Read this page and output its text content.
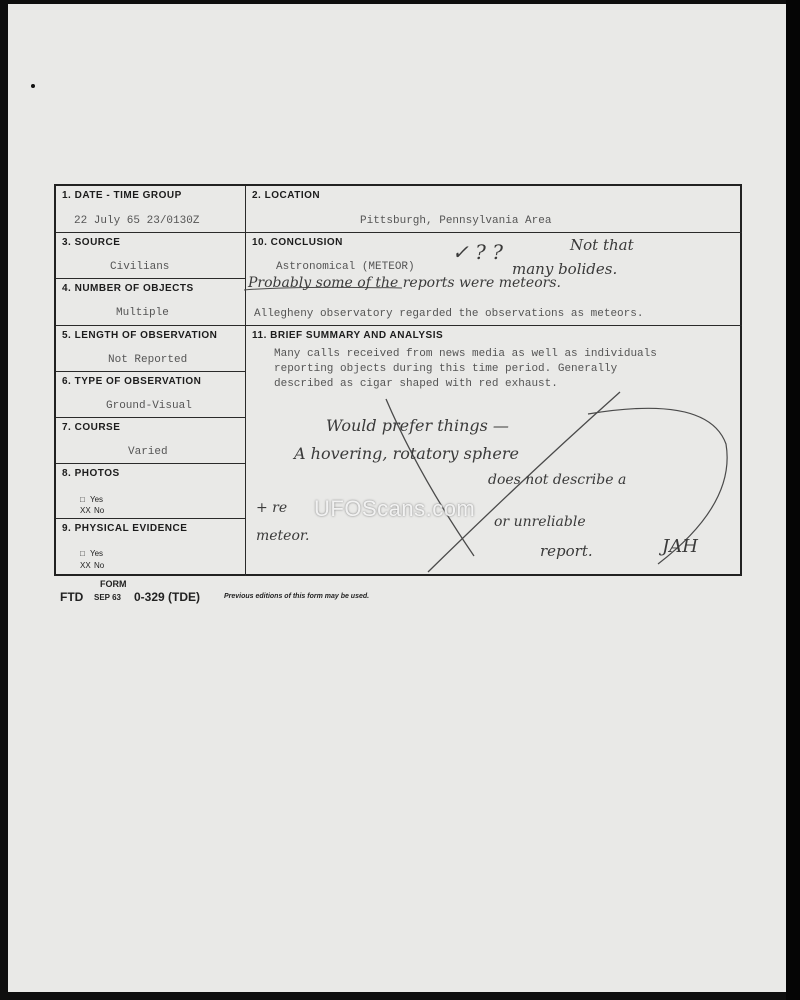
1. DATE - TIME GROUP
22 July 65 23/0130Z
2. LOCATION
Pittsburgh, Pennsylvania Area
3. SOURCE
Civilians
4. NUMBER OF OBJECTS
Multiple
10. CONCLUSION
Astronomical (METEOR)
Allegheny observatory regarded the observations as meteors.
5. LENGTH OF OBSERVATION
Not Reported
6. TYPE OF OBSERVATION
Ground-Visual
7. COURSE
Varied
8. PHOTOS
□ Yes
XX No
9. PHYSICAL EVIDENCE
□ Yes
XX No
11. BRIEF SUMMARY AND ANALYSIS
Many calls received from news media as well as individuals
reporting objects during this time period. Generally
described as cigar shaped with red exhaust.
✓ ? ?	Not that
many bolides.
Probably some of the reports were meteors.
Would prefer things —
A hovering, rotatory sphere
+ re
does not describe a
meteor.
or unreliable
report.	JAH
UFOScans.com
FORM
FTD SEP 63 0-329 (TDE)	Previous editions of this form may be used.
